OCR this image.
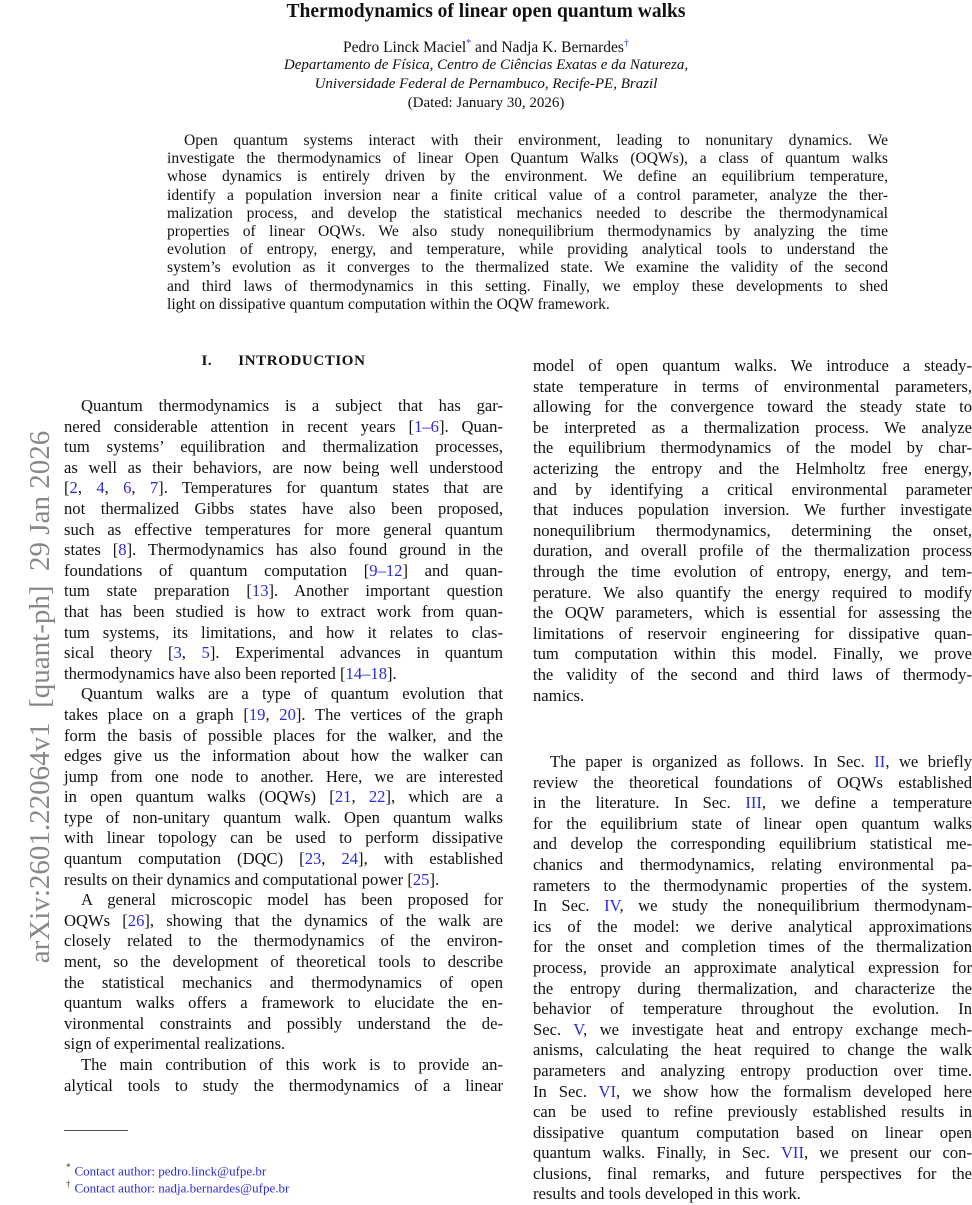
arXiv:2601.22064v1  [quant-ph]  29 Jan 2026
Thermodynamics of linear open quantum walks
Pedro Linck Maciel* and Nadja K. Bernardes†
Departamento de Física, Centro de Ciências Exatas e da Natureza,
Universidade Federal de Pernambuco, Recife-PE, Brazil
(Dated: January 30, 2026)
Open quantum systems interact with their environment, leading to nonunitary dynamics. We
investigate the thermodynamics of linear Open Quantum Walks (OQWs), a class of quantum walks
whose dynamics is entirely driven by the environment. We define an equilibrium temperature,
identify a population inversion near a finite critical value of a control parameter, analyze the ther-
malization process, and develop the statistical mechanics needed to describe the thermodynamical
properties of linear OQWs. We also study nonequilibrium thermodynamics by analyzing the time
evolution of entropy, energy, and temperature, while providing analytical tools to understand the
system’s evolution as it converges to the thermalized state. We examine the validity of the second
and third laws of thermodynamics in this setting. Finally, we employ these developments to shed
light on dissipative quantum computation within the OQW framework.
I. INTRODUCTION
Quantum thermodynamics is a subject that has gar-
nered considerable attention in recent years [1–6]. Quan-
tum systems’ equilibration and thermalization processes,
as well as their behaviors, are now being well understood
[2, 4, 6, 7]. Temperatures for quantum states that are
not thermalized Gibbs states have also been proposed,
such as effective temperatures for more general quantum
states [8]. Thermodynamics has also found ground in the
foundations of quantum computation [9–12] and quan-
tum state preparation [13]. Another important question
that has been studied is how to extract work from quan-
tum systems, its limitations, and how it relates to clas-
sical theory [3, 5]. Experimental advances in quantum
thermodynamics have also been reported [14–18].
Quantum walks are a type of quantum evolution that
takes place on a graph [19, 20]. The vertices of the graph
form the basis of possible places for the walker, and the
edges give us the information about how the walker can
jump from one node to another. Here, we are interested
in open quantum walks (OQWs) [21, 22], which are a
type of non-unitary quantum walk. Open quantum walks
with linear topology can be used to perform dissipative
quantum computation (DQC) [23, 24], with established
results on their dynamics and computational power [25].
A general microscopic model has been proposed for
OQWs [26], showing that the dynamics of the walk are
closely related to the thermodynamics of the environ-
ment, so the development of theoretical tools to describe
the statistical mechanics and thermodynamics of open
quantum walks offers a framework to elucidate the en-
vironmental constraints and possibly understand the de-
sign of experimental realizations.
The main contribution of this work is to provide an-
alytical tools to study the thermodynamics of a linear
model of open quantum walks. We introduce a steady-
state temperature in terms of environmental parameters,
allowing for the convergence toward the steady state to
be interpreted as a thermalization process. We analyze
the equilibrium thermodynamics of the model by char-
acterizing the entropy and the Helmholtz free energy,
and by identifying a critical environmental parameter
that induces population inversion. We further investigate
nonequilibrium thermodynamics, determining the onset,
duration, and overall profile of the thermalization process
through the time evolution of entropy, energy, and tem-
perature. We also quantify the energy required to modify
the OQW parameters, which is essential for assessing the
limitations of reservoir engineering for dissipative quan-
tum computation within this model. Finally, we prove
the validity of the second and third laws of thermody-
namics.
The paper is organized as follows. In Sec. II, we briefly
review the theoretical foundations of OQWs established
in the literature. In Sec. III, we define a temperature
for the equilibrium state of linear open quantum walks
and develop the corresponding equilibrium statistical me-
chanics and thermodynamics, relating environmental pa-
rameters to the thermodynamic properties of the system.
In Sec. IV, we study the nonequilibrium thermodynam-
ics of the model: we derive analytical approximations
for the onset and completion times of the thermalization
process, provide an approximate analytical expression for
the entropy during thermalization, and characterize the
behavior of temperature throughout the evolution. In
Sec. V, we investigate heat and entropy exchange mech-
anisms, calculating the heat required to change the walk
parameters and analyzing entropy production over time.
In Sec. VI, we show how the formalism developed here
can be used to refine previously established results in
dissipative quantum computation based on linear open
quantum walks. Finally, in Sec. VII, we present our con-
clusions, final remarks, and future perspectives for the
results and tools developed in this work.
* Contact author: pedro.linck@ufpe.br
† Contact author: nadja.bernardes@ufpe.br
